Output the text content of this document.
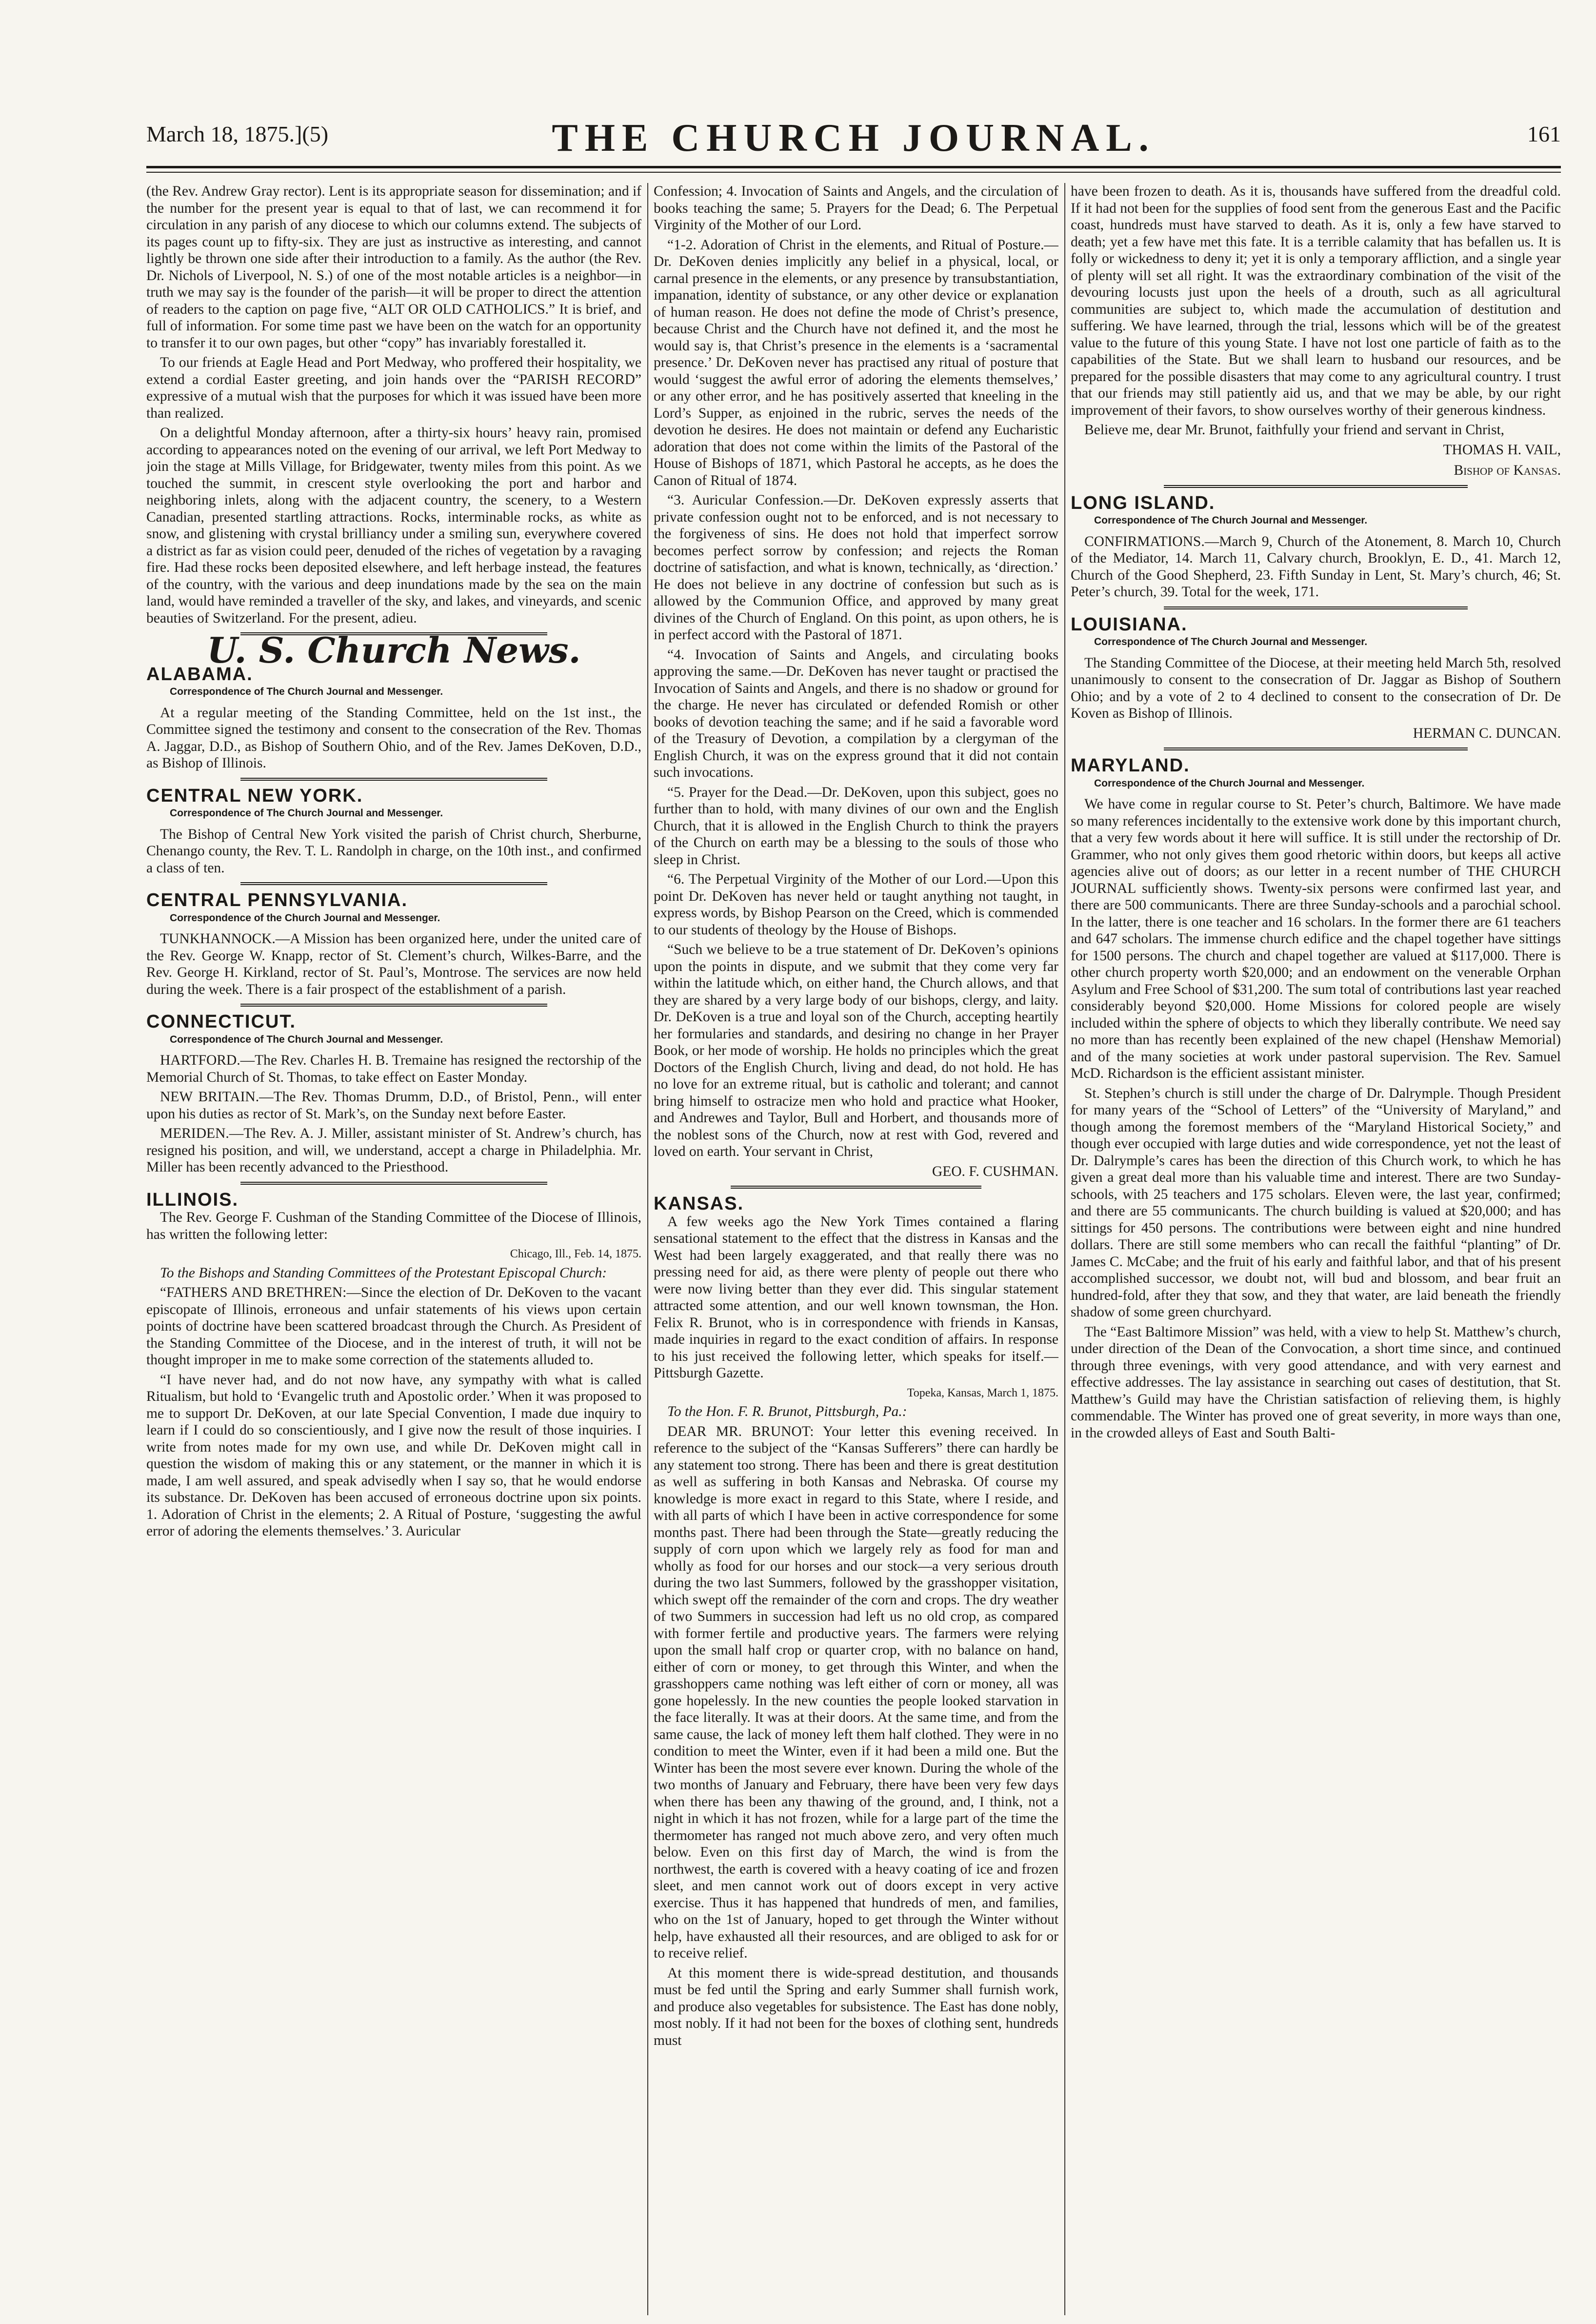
March 18, 1875.](5)	THE CHURCH JOURNAL.	161

(the Rev. Andrew Gray rector). Lent is its appropriate season for dissemination; and if the number for the present year is equal to that of last, we can recommend it for circulation in any parish of any diocese to which our columns extend. The subjects of its pages count up to fifty-six. They are just as instructive as interesting, and cannot lightly be thrown one side after their introduction to a family. As the author (the Rev. Dr. Nichols of Liverpool, N. S.) of one of the most notable articles is a neighbor—in truth we may say is the founder of the parish—it will be proper to direct the attention of readers to the caption on page five, “ALT OR OLD CATHOLICS.” It is brief, and full of information. For some time past we have been on the watch for an opportunity to transfer it to our own pages, but other “copy” has invariably forestalled it.

To our friends at Eagle Head and Port Medway, who proffered their hospitality, we extend a cordial Easter greeting, and join hands over the “PARISH RECORD” expressive of a mutual wish that the purposes for which it was issued have been more than realized.

On a delightful Monday afternoon, after a thirty-six hours’ heavy rain, promised according to appearances noted on the evening of our arrival, we left Port Medway to join the stage at Mills Village, for Bridgewater, twenty miles from this point. As we touched the summit, in crescent style overlooking the port and harbor and neighboring inlets, along with the adjacent country, the scenery, to a Western Canadian, presented startling attractions. Rocks, interminable rocks, as white as snow, and glistening with crystal brilliancy under a smiling sun, everywhere covered a district as far as vision could peer, denuded of the riches of vegetation by a ravaging fire. Had these rocks been deposited elsewhere, and left herbage instead, the features of the country, with the various and deep inundations made by the sea on the main land, would have reminded a traveller of the sky, and lakes, and vineyards, and scenic beauties of Switzerland. For the present, adieu.

U. S. Church News.
ALABAMA.
Correspondence of The Church Journal and Messenger.

At a regular meeting of the Standing Committee, held on the 1st inst., the Committee signed the testimony and consent to the consecration of the Rev. Thomas A. Jaggar, D.D., as Bishop of Southern Ohio, and of the Rev. James DeKoven, D.D., as Bishop of Illinois.

CENTRAL NEW YORK.
Correspondence of The Church Journal and Messenger.

The Bishop of Central New York visited the parish of Christ church, Sherburne, Chenango county, the Rev. T. L. Randolph in charge, on the 10th inst., and confirmed a class of ten.

CENTRAL PENNSYLVANIA.
Correspondence of the Church Journal and Messenger.

TUNKHANNOCK.—A Mission has been organized here, under the united care of the Rev. George W. Knapp, rector of St. Clement’s church, Wilkes-Barre, and the Rev. George H. Kirkland, rector of St. Paul’s, Montrose. The services are now held during the week. There is a fair prospect of the establishment of a parish.

CONNECTICUT.
Correspondence of The Church Journal and Messenger.

HARTFORD.—The Rev. Charles H. B. Tremaine has resigned the rectorship of the Memorial Church of St. Thomas, to take effect on Easter Monday.

NEW BRITAIN.—The Rev. Thomas Drumm, D.D., of Bristol, Penn., will enter upon his duties as rector of St. Mark’s, on the Sunday next before Easter.

MERIDEN.—The Rev. A. J. Miller, assistant minister of St. Andrew’s church, has resigned his position, and will, we understand, accept a charge in Philadelphia. Mr. Miller has been recently advanced to the Priesthood.

ILLINOIS.

The Rev. George F. Cushman of the Standing Committee of the Diocese of Illinois, has written the following letter:

Chicago, Ill., Feb. 14, 1875.

To the Bishops and Standing Committees of the Protestant Episcopal Church:

“FATHERS AND BRETHREN:—Since the election of Dr. DeKoven to the vacant episcopate of Illinois, erroneous and unfair statements of his views upon certain points of doctrine have been scattered broadcast through the Church. As President of the Standing Committee of the Diocese, and in the interest of truth, it will not be thought improper in me to make some correction of the statements alluded to.

“I have never had, and do not now have, any sympathy with what is called Ritualism, but hold to ‘Evangelic truth and Apostolic order.’ When it was proposed to me to support Dr. DeKoven, at our late Special Convention, I made due inquiry to learn if I could do so conscientiously, and I give now the result of those inquiries. I write from notes made for my own use, and while Dr. DeKoven might call in question the wisdom of making this or any statement, or the manner in which it is made, I am well assured, and speak advisedly when I say so, that he would endorse its substance. Dr. DeKoven has been accused of erroneous doctrine upon six points. 1. Adoration of Christ in the elements; 2. A Ritual of Posture, ‘suggesting the awful error of adoring the elements themselves.’ 3. Auricular

Confession; 4. Invocation of Saints and Angels, and the circulation of books teaching the same; 5. Prayers for the Dead; 6. The Perpetual Virginity of the Mother of our Lord.

“1-2. Adoration of Christ in the elements, and Ritual of Posture.—Dr. DeKoven denies implicitly any belief in a physical, local, or carnal presence in the elements, or any presence by transubstantiation, impanation, identity of substance, or any other device or explanation of human reason. He does not define the mode of Christ’s presence, because Christ and the Church have not defined it, and the most he would say is, that Christ’s presence in the elements is a ‘sacramental presence.’ Dr. DeKoven never has practised any ritual of posture that would ‘suggest the awful error of adoring the elements themselves,’ or any other error, and he has positively asserted that kneeling in the Lord’s Supper, as enjoined in the rubric, serves the needs of the devotion he desires. He does not maintain or defend any Eucharistic adoration that does not come within the limits of the Pastoral of the House of Bishops of 1871, which Pastoral he accepts, as he does the Canon of Ritual of 1874.

“3. Auricular Confession.—Dr. DeKoven expressly asserts that private confession ought not to be enforced, and is not necessary to the forgiveness of sins. He does not hold that imperfect sorrow becomes perfect sorrow by confession; and rejects the Roman doctrine of satisfaction, and what is known, technically, as ‘direction.’ He does not believe in any doctrine of confession but such as is allowed by the Communion Office, and approved by many great divines of the Church of England. On this point, as upon others, he is in perfect accord with the Pastoral of 1871.

“4. Invocation of Saints and Angels, and circulating books approving the same.—Dr. DeKoven has never taught or practised the Invocation of Saints and Angels, and there is no shadow or ground for the charge. He never has circulated or defended Romish or other books of devotion teaching the same; and if he said a favorable word of the Treasury of Devotion, a compilation by a clergyman of the English Church, it was on the express ground that it did not contain such invocations.

“5. Prayer for the Dead.—Dr. DeKoven, upon this subject, goes no further than to hold, with many divines of our own and the English Church, that it is allowed in the English Church to think the prayers of the Church on earth may be a blessing to the souls of those who sleep in Christ.

“6. The Perpetual Virginity of the Mother of our Lord.—Upon this point Dr. DeKoven has never held or taught anything not taught, in express words, by Bishop Pearson on the Creed, which is commended to our students of theology by the House of Bishops.

“Such we believe to be a true statement of Dr. DeKoven’s opinions upon the points in dispute, and we submit that they come very far within the latitude which, on either hand, the Church allows, and that they are shared by a very large body of our bishops, clergy, and laity. Dr. DeKoven is a true and loyal son of the Church, accepting heartily her formularies and standards, and desiring no change in her Prayer Book, or her mode of worship. He holds no principles which the great Doctors of the English Church, living and dead, do not hold. He has no love for an extreme ritual, but is catholic and tolerant; and cannot bring himself to ostracize men who hold and practice what Hooker, and Andrewes and Taylor, Bull and Horbert, and thousands more of the noblest sons of the Church, now at rest with God, revered and loved on earth. Your servant in Christ,

GEO. F. CUSHMAN.
KANSAS.

A few weeks ago the New York Times contained a flaring sensational statement to the effect that the distress in Kansas and the West had been largely exaggerated, and that really there was no pressing need for aid, as there were plenty of people out there who were now living better than they ever did. This singular statement attracted some attention, and our well known townsman, the Hon. Felix R. Brunot, who is in correspondence with friends in Kansas, made inquiries in regard to the exact condition of affairs. In response to his just received the following letter, which speaks for itself.—Pittsburgh Gazette.

Topeka, Kansas, March 1, 1875.

To the Hon. F. R. Brunot, Pittsburgh, Pa.:

DEAR MR. BRUNOT: Your letter this evening received. In reference to the subject of the “Kansas Sufferers” there can hardly be any statement too strong. There has been and there is great destitution as well as suffering in both Kansas and Nebraska. Of course my knowledge is more exact in regard to this State, where I reside, and with all parts of which I have been in active correspondence for some months past. There had been through the State—greatly reducing the supply of corn upon which we largely rely as food for man and wholly as food for our horses and our stock—a very serious drouth during the two last Summers, followed by the grasshopper visitation, which swept off the remainder of the corn and crops. The dry weather of two Summers in succession had left us no old crop, as compared with former fertile and productive years. The farmers were relying upon the small half crop or quarter crop, with no balance on hand, either of corn or money, to get through this Winter, and when the grasshoppers came nothing was left either of corn or money, all was gone hopelessly. In the new counties the people looked starvation in the face literally. It was at their doors. At the same time, and from the same cause, the lack of money left them half clothed. They were in no condition to meet the Winter, even if it had been a mild one. But the Winter has been the most severe ever known. During the whole of the two months of January and February, there have been very few days when there has been any thawing of the ground, and, I think, not a night in which it has not frozen, while for a large part of the time the thermometer has ranged not much above zero, and very often much below. Even on this first day of March, the wind is from the northwest, the earth is covered with a heavy coating of ice and frozen sleet, and men cannot work out of doors except in very active exercise. Thus it has happened that hundreds of men, and families, who on the 1st of January, hoped to get through the Winter without help, have exhausted all their resources, and are obliged to ask for or to receive relief.

At this moment there is wide-spread destitution, and thousands must be fed until the Spring and early Summer shall furnish work, and produce also vegetables for subsistence. The East has done nobly, most nobly. If it had not been for the boxes of clothing sent, hundreds must

have been frozen to death. As it is, thousands have suffered from the dreadful cold. If it had not been for the supplies of food sent from the generous East and the Pacific coast, hundreds must have starved to death. As it is, only a few have starved to death; yet a few have met this fate. It is a terrible calamity that has befallen us. It is folly or wickedness to deny it; yet it is only a temporary affliction, and a single year of plenty will set all right. It was the extraordinary combination of the visit of the devouring locusts just upon the heels of a drouth, such as all agricultural communities are subject to, which made the accumulation of destitution and suffering. We have learned, through the trial, lessons which will be of the greatest value to the future of this young State. I have not lost one particle of faith as to the capabilities of the State. But we shall learn to husband our resources, and be prepared for the possible disasters that may come to any agricultural country. I trust that our friends may still patiently aid us, and that we may be able, by our right improvement of their favors, to show ourselves worthy of their generous kindness.

Believe me, dear Mr. Brunot, faithfully your friend and servant in Christ,

THOMAS H. VAIL,
Bishop of Kansas.
LONG ISLAND.
Correspondence of The Church Journal and Messenger.

CONFIRMATIONS.—March 9, Church of the Atonement, 8. March 10, Church of the Mediator, 14. March 11, Calvary church, Brooklyn, E. D., 41. March 12, Church of the Good Shepherd, 23. Fifth Sunday in Lent, St. Mary’s church, 46; St. Peter’s church, 39. Total for the week, 171.

LOUISIANA.
Correspondence of The Church Journal and Messenger.

The Standing Committee of the Diocese, at their meeting held March 5th, resolved unanimously to consent to the consecration of Dr. Jaggar as Bishop of Southern Ohio; and by a vote of 2 to 4 declined to consent to the consecration of Dr. De Koven as Bishop of Illinois.

HERMAN C. DUNCAN.
MARYLAND.
Correspondence of the Church Journal and Messenger.

We have come in regular course to St. Peter’s church, Baltimore. We have made so many references incidentally to the extensive work done by this important church, that a very few words about it here will suffice. It is still under the rectorship of Dr. Grammer, who not only gives them good rhetoric within doors, but keeps all active agencies alive out of doors; as our letter in a recent number of THE CHURCH JOURNAL sufficiently shows. Twenty-six persons were confirmed last year, and there are 500 communicants. There are three Sunday-schools and a parochial school. In the latter, there is one teacher and 16 scholars. In the former there are 61 teachers and 647 scholars. The immense church edifice and the chapel together have sittings for 1500 persons. The church and chapel together are valued at $117,000. There is other church property worth $20,000; and an endowment on the venerable Orphan Asylum and Free School of $31,200. The sum total of contributions last year reached considerably beyond $20,000. Home Missions for colored people are wisely included within the sphere of objects to which they liberally contribute. We need say no more than has recently been explained of the new chapel (Henshaw Memorial) and of the many societies at work under pastoral supervision. The Rev. Samuel McD. Richardson is the efficient assistant minister.

St. Stephen’s church is still under the charge of Dr. Dalrymple. Though President for many years of the “School of Letters” of the “University of Maryland,” and though among the foremost members of the “Maryland Historical Society,” and though ever occupied with large duties and wide correspondence, yet not the least of Dr. Dalrymple’s cares has been the direction of this Church work, to which he has given a great deal more than his valuable time and interest. There are two Sunday-schools, with 25 teachers and 175 scholars. Eleven were, the last year, confirmed; and there are 55 communicants. The church building is valued at $20,000; and has sittings for 450 persons. The contributions were between eight and nine hundred dollars. There are still some members who can recall the faithful “planting” of Dr. James C. McCabe; and the fruit of his early and faithful labor, and that of his present accomplished successor, we doubt not, will bud and blossom, and bear fruit an hundred-fold, after they that sow, and they that water, are laid beneath the friendly shadow of some green churchyard.

The “East Baltimore Mission” was held, with a view to help St. Matthew’s church, under direction of the Dean of the Convocation, a short time since, and continued through three evenings, with very good attendance, and with very earnest and effective addresses. The lay assistance in searching out cases of destitution, that St. Matthew’s Guild may have the Christian satisfaction of relieving them, is highly commendable. The Winter has proved one of great severity, in more ways than one, in the crowded alleys of East and South Balti-
